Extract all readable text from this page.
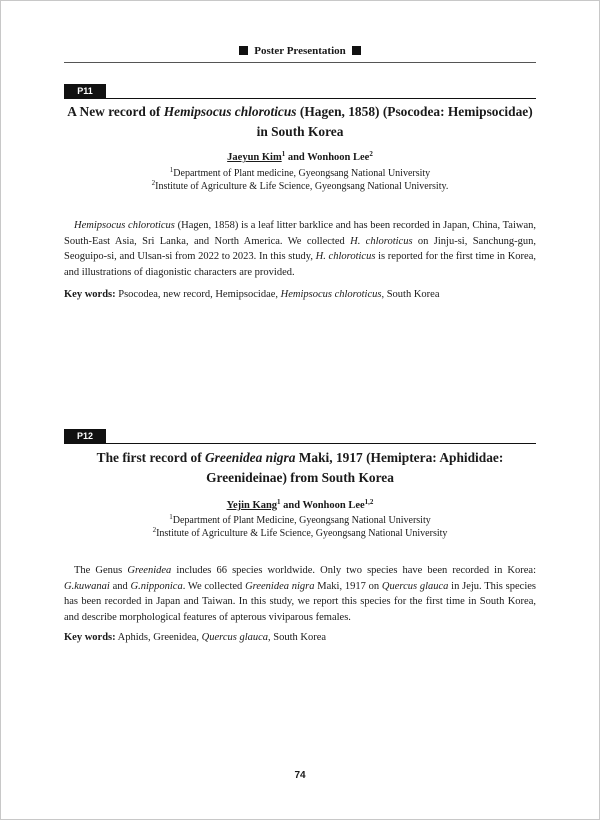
Poster Presentation
P11
A New record of Hemipsocus chloroticus (Hagen, 1858) (Psocodea: Hemipsocidae) in South Korea
Jaeyun Kim$^1$ and Wonhoon Lee$^2$
$^1$Department of Plant medicine, Gyeongsang National University
$^2$Institute of Agriculture & Life Science, Gyeongsang National University.

Hemipsocus chloroticus (Hagen, 1858) is a leaf litter barklice and has been recorded in Japan, China, Taiwan, South-East Asia, Sri Lanka, and North America. We collected H. chloroticus on Jinju-si, Sanchung-gun, Seoguipo-si, and Ulsan-si from 2022 to 2023. In this study, H. chloroticus is reported for the first time in Korea, and illustrations of diagonistic characters are provided.

Key words: Psocodea, new record, Hemipsocidae, Hemipsocus chloroticus, South Korea
P12
The first record of Greenidea nigra Maki, 1917 (Hemiptera: Aphididae: Greenideinae) from South Korea
Yejin Kang$^1$ and Wonhoon Lee$^{1,2}$
$^1$Department of Plant Medicine, Gyeongsang National University
$^2$Institute of Agriculture & Life Science, Gyeongsang National University

The Genus Greenidea includes 66 species worldwide. Only two species have been recorded in Korea: G.kuwanai and G.nipponica. We collected Greenidea nigra Maki, 1917 on Quercus glauca in Jeju. This species has been recorded in Japan and Taiwan. In this study, we report this species for the first time in South Korea, and describe morphological features of apterous viviparous females.

Key words: Aphids, Greenidea, Quercus glauca, South Korea
74
